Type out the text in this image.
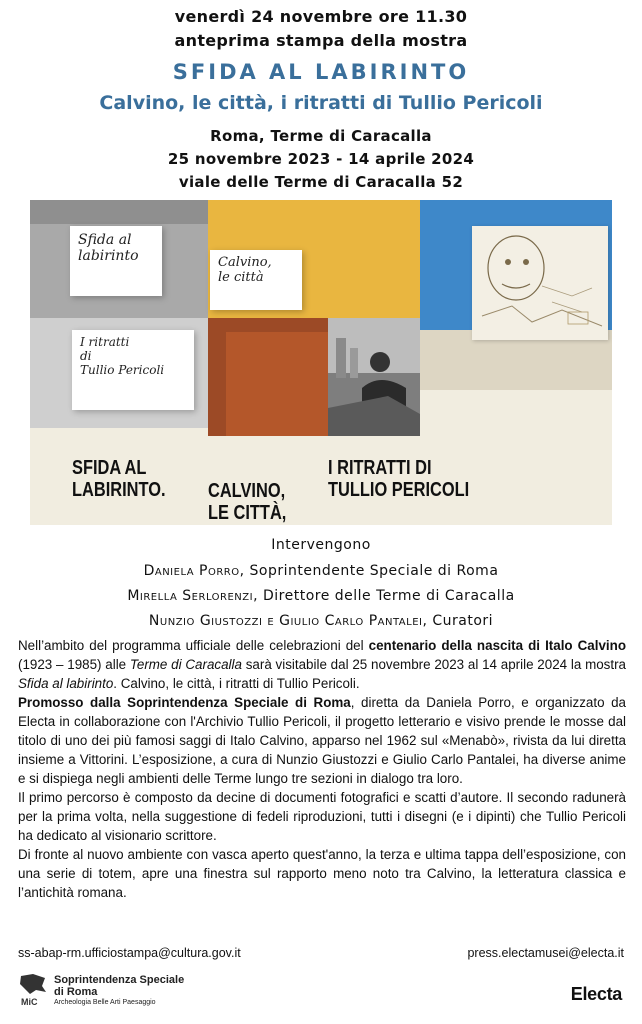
venerdì 24 novembre ore 11.30
anteprima stampa della mostra
SFIDA AL LABIRINTO
Calvino, le città, i ritratti di Tullio Pericoli
Roma, Terme di Caracalla
25 novembre 2023 - 14 aprile 2024
viale delle Terme di Caracalla 52
Sfida al
labirinto	Calvino,
le città
I ritratti
di
Tullio Pericoli
SFIDA AL
LABIRINTO. CALVINO,
LE CITTÀ,
I RITRATTI DI
TULLIO PERICOLI
Intervengono
Daniela Porro, Soprintendente Speciale di Roma
Mirella Serlorenzi, Direttore delle Terme di Caracalla
Nunzio Giustozzi e Giulio Carlo Pantalei, Curatori

Nell’ambito del programma ufficiale delle celebrazioni del centenario della nascita di Italo Calvino (1923 – 1985) alle Terme di Caracalla sarà visitabile dal 25 novembre 2023 al 14 aprile 2024 la mostra Sfida al labirinto. Calvino, le città, i ritratti di Tullio Pericoli.

Promosso dalla Soprintendenza Speciale di Roma, diretta da Daniela Porro, e organizzato da Electa in collaborazione con l'Archivio Tullio Pericoli, il progetto letterario e visivo prende le mosse dal titolo di uno dei più famosi saggi di Italo Calvino, apparso nel 1962 sul «Menabò», rivista da lui diretta insieme a Vittorini. L’esposizione, a cura di Nunzio Giustozzi e Giulio Carlo Pantalei, ha diverse anime e si dispiega negli ambienti delle Terme lungo tre sezioni in dialogo tra loro.

Il primo percorso è composto da decine di documenti fotografici e scatti d’autore. Il secondo radunerà per la prima volta, nella suggestione di fedeli riproduzioni, tutti i disegni (e i dipinti) che Tullio Pericoli ha dedicato al visionario scrittore.

Di fronte al nuovo ambiente con vasca aperto quest'anno, la terza e ultima tappa dell’esposizione, con una serie di totem, apre una finestra sul rapporto meno noto tra Calvino, la letteratura classica e l’antichità romana.

ss-abap-rm.ufficiostampa@cultura.gov.it	press.electamusei@electa.it
MiC
Soprintendenza Speciale
di Roma
Archeologia Belle Arti Paesaggio	Electa
